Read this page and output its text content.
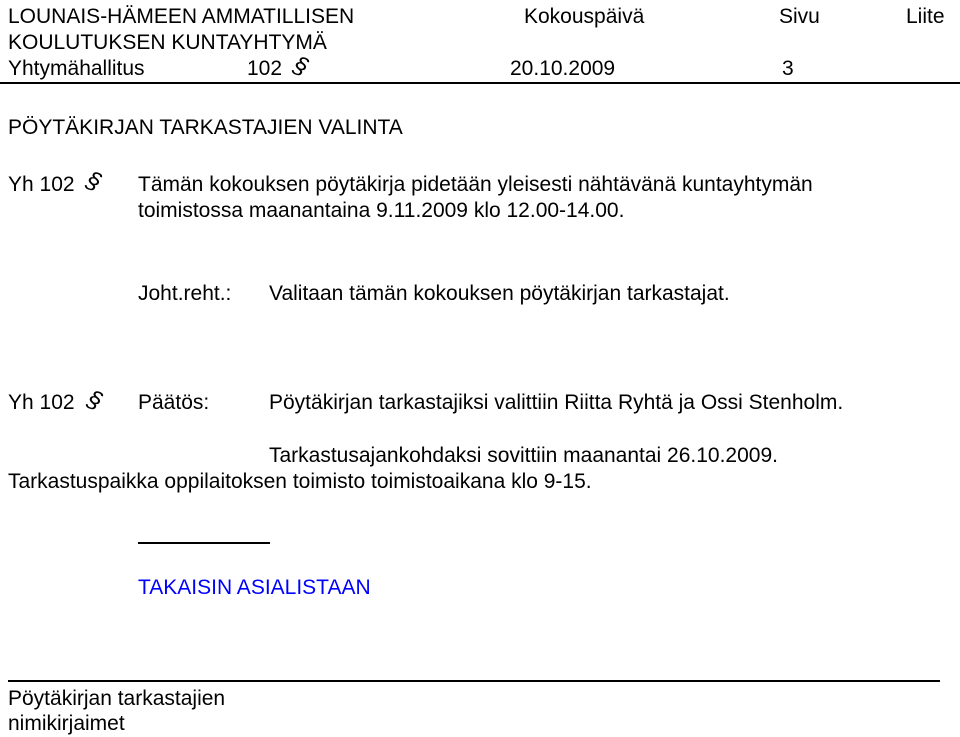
LOUNAIS-HÄMEEN AMMATILLISEN
KOULUTUKSEN KUNTAYHTYMÄ
Yhtymähallitus	102 §
Kokouspäivä
20.10.2009
Sivu
3
Liite
PÖYTÄKIRJAN TARKASTAJIEN VALINTA
Yh 102 § Tämän kokouksen pöytäkirja pidetään yleisesti nähtävänä kuntayhtymän
toimistossa maanantaina 9.11.2009 klo 12.00-14.00.
Joht.reht.: Valitaan tämän kokouksen pöytäkirjan tarkastajat.
Yh 102 § Päätös:	Pöytäkirjan tarkastajiksi valittiin Riitta Ryhtä ja Ossi Stenholm.
Tarkastusajankohdaksi sovittiin maanantai 26.10.2009.
Tarkastuspaikka oppilaitoksen toimisto toimistoaikana klo 9-15.
TAKAISIN ASIALISTAAN
Pöytäkirjan tarkastajien
nimikirjaimet
